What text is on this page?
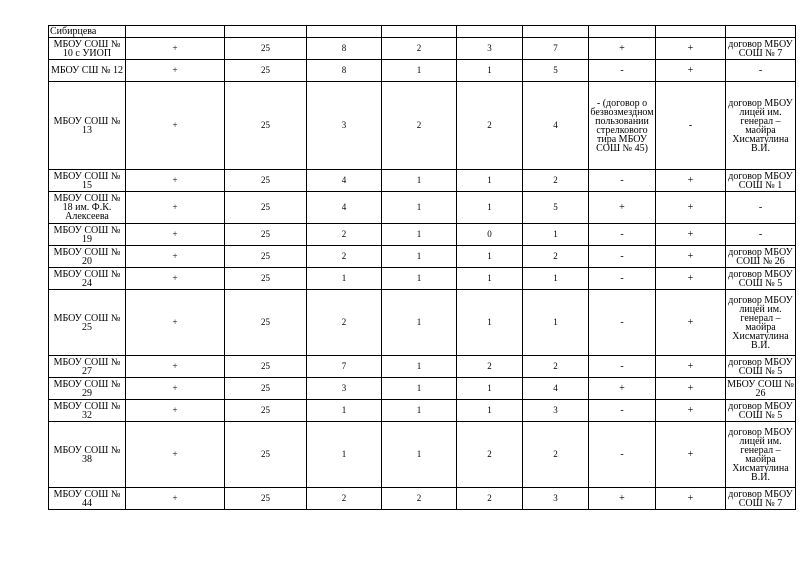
Сибирцева									
МБОУ СОШ № 10 с УИОП	+	25	8	2	3	7	+	+	договор МБОУ СОШ № 7
МБОУ СШ № 12	+	25	8	1	1	5	-	+	-
МБОУ СОШ № 13	+	25	3	2	2	4	- (договор о безвозмездном пользовании стрелкового тира МБОУ СОШ № 45)	-	договор МБОУ лицей им. генерал – маойра Хисматулина В.И.
МБОУ СОШ № 15	+	25	4	1	1	2	-	+	договор МБОУ СОШ № 1
МБОУ СОШ № 18 им. Ф.К. Алексеева	+	25	4	1	1	5	+	+	-
МБОУ СОШ № 19	+	25	2	1	0	1	-	+	-
МБОУ СОШ № 20	+	25	2	1	1	2	-	+	договор МБОУ СОШ № 26
МБОУ СОШ № 24	+	25	1	1	1	1	-	+	договор МБОУ СОШ № 5
МБОУ СОШ № 25	+	25	2	1	1	1	-	+	договор МБОУ лицей им. генерал – маойра Хисматулина В.И.
МБОУ СОШ № 27	+	25	7	1	2	2	-	+	договор МБОУ СОШ № 5
МБОУ СОШ № 29	+	25	3	1	1	4	+	+	МБОУ СОШ № 26
МБОУ СОШ № 32	+	25	1	1	1	3	-	+	договор МБОУ СОШ № 5
МБОУ СОШ № 38	+	25	1	1	2	2	-	+	договор МБОУ лицей им. генерал – маойра Хисматулина В.И.
МБОУ СОШ № 44	+	25	2	2	2	3	+	+	договор МБОУ СОШ № 7
